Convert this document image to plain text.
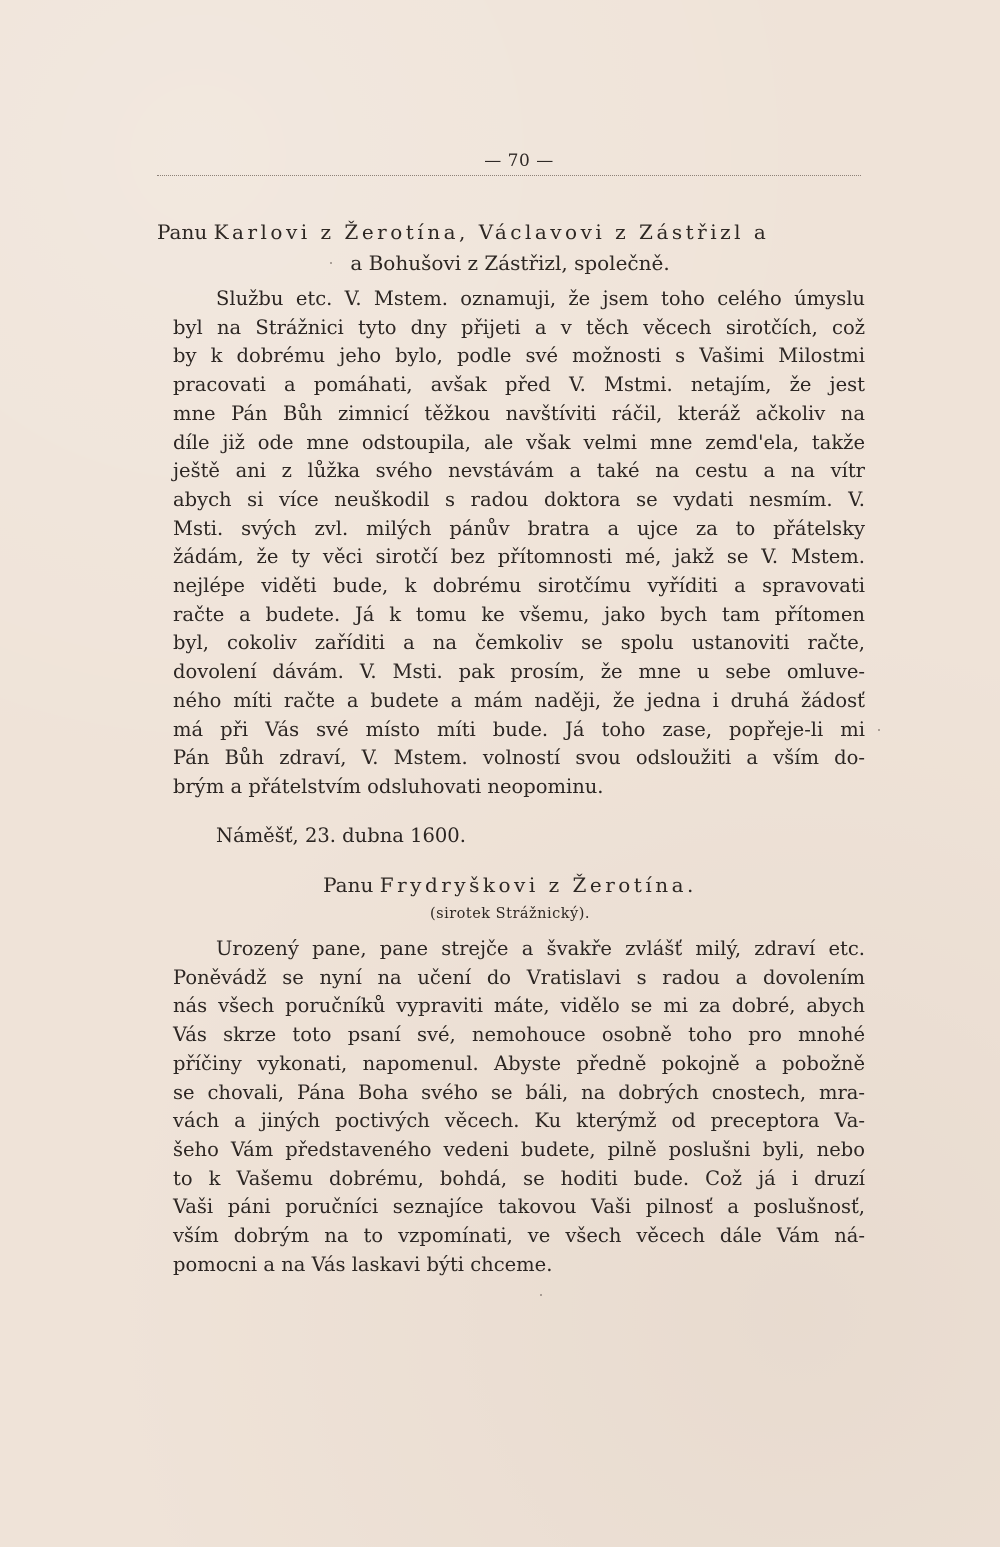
— 70 —
Panu Karlovi z Žerotína, Václavovi z Zástřizl a
a Bohušovi z Zástřizl, společně.
Službu etc. V. Mstem. oznamuji, že jsem toho celého úmyslu
byl na Strážnici tyto dny přijeti a v těch věcech sirotčích, což
by k dobrému jeho bylo, podle své možnosti s Vašimi Milostmi
pracovati a pomáhati, avšak před V. Mstmi. netajím, že jest
mne Pán Bůh zimnicí těžkou navštíviti ráčil, kteráž ačkoliv na
díle již ode mne odstoupila, ale však velmi mne zemd'ela, takže
ještě ani z lůžka svého nevstávám a také na cestu a na vítr
abych si více neuškodil s radou doktora se vydati nesmím. V.
Msti. svých zvl. milých pánův bratra a ujce za to přátelsky
žádám, že ty věci sirotčí bez přítomnosti mé, jakž se V. Mstem.
nejlépe viděti bude, k dobrému sirotčímu vyříditi a spravovati
račte a budete. Já k tomu ke všemu, jako bych tam přítomen
byl, cokoliv zaříditi a na čemkoliv se spolu ustanoviti račte,
dovolení dávám. V. Msti. pak prosím, že mne u sebe omluve-
ného míti račte a budete a mám naději, že jedna i druhá žádosť
má při Vás své místo míti bude. Já toho zase, popřeje-li mi
Pán Bůh zdraví, V. Mstem. volností svou odsloužiti a vším do-
brým a přátelstvím odsluhovati neopominu.
Náměšť, 23. dubna 1600.
Panu Frydryškovi z Žerotína.
(sirotek Strážnický).
Urozený pane, pane strejče a švakře zvlášť milý, zdraví etc.
Poněvádž se nyní na učení do Vratislavi s radou a dovolením
nás všech poručníků vypraviti máte, vidělo se mi za dobré, abych
Vás skrze toto psaní své, nemohouce osobně toho pro mnohé
příčiny vykonati, napomenul. Abyste předně pokojně a pobožně
se chovali, Pána Boha svého se báli, na dobrých cnostech, mra-
vách a jiných poctivých věcech. Ku kterýmž od preceptora Va-
šeho Vám představeného vedeni budete, pilně poslušni byli, nebo
to k Vašemu dobrému, bohdá, se hoditi bude. Což já i druzí
Vaši páni poručníci seznajíce takovou Vaši pilnosť a poslušnosť,
vším dobrým na to vzpomínati, ve všech věcech dále Vám ná-
pomocni a na Vás laskavi býti chceme.
